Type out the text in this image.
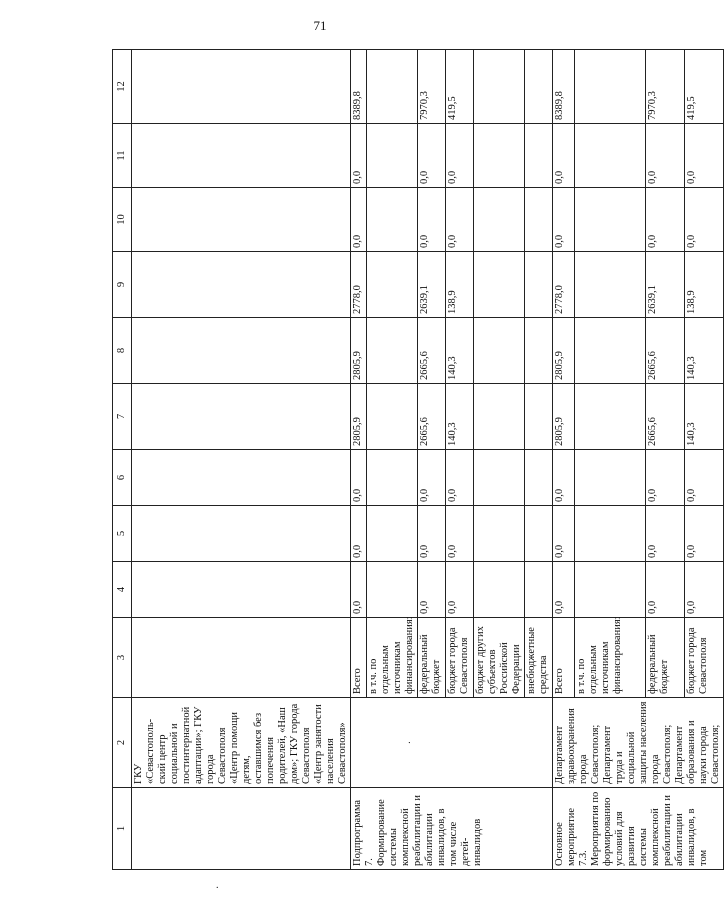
71
1	2	3	4	5	6	7	8	9	10	11	12
	ГКУ «Севастополь-ский центр социальной и постинтернатной адаптации»; ГКУ города Севастополя «Центр помощи детям, оставшимся без попечения родителей, «Наш дом»; ГКУ города Севастополя «Центр занятости населения Севастополя»										
Подпрограмма 7. Формирование системы комплексной реабилитации и абилитации инвалидов, в том числе детей-инвалидов	.	Всего	0,0	0,0	0,0	2805,9	2805,9	2778,0	0,0	0,0	8389,8
		в т.ч. по отдельным источникам финансирования:									
		федеральный бюджет	0,0	0,0	0,0	2665,6	2665,6	2639,1	0,0	0,0	7970,3
		бюджет города Севастополя	0,0	0,0	0,0	140,3	140,3	138,9	0,0	0,0	419,5
		бюджет других субъектов Российской Федерации									
		внебюджетные средства									
Основное мероприятие 7.3. Мероприятия по формированию условий для развития системы комплексной реабилитации и абилитации инвалидов, в том	Департамент здравоохранения города Севастополя; Департамент труда и социальной защиты населения города Севастополя; Департамент образования и науки города Севастополя;	Всего	0,0	0,0	0,0	2805,9	2805,9	2778,0	0,0	0,0	8389,8
		в т.ч. по отдельным источникам финансирования:									
		федеральный бюджет	0,0	0,0	0,0	2665,6	2665,6	2639,1	0,0	0,0	7970,3
		бюджет города Севастополя	0,0	0,0	0,0	140,3	140,3	138,9	0,0	0,0	419,5
.
